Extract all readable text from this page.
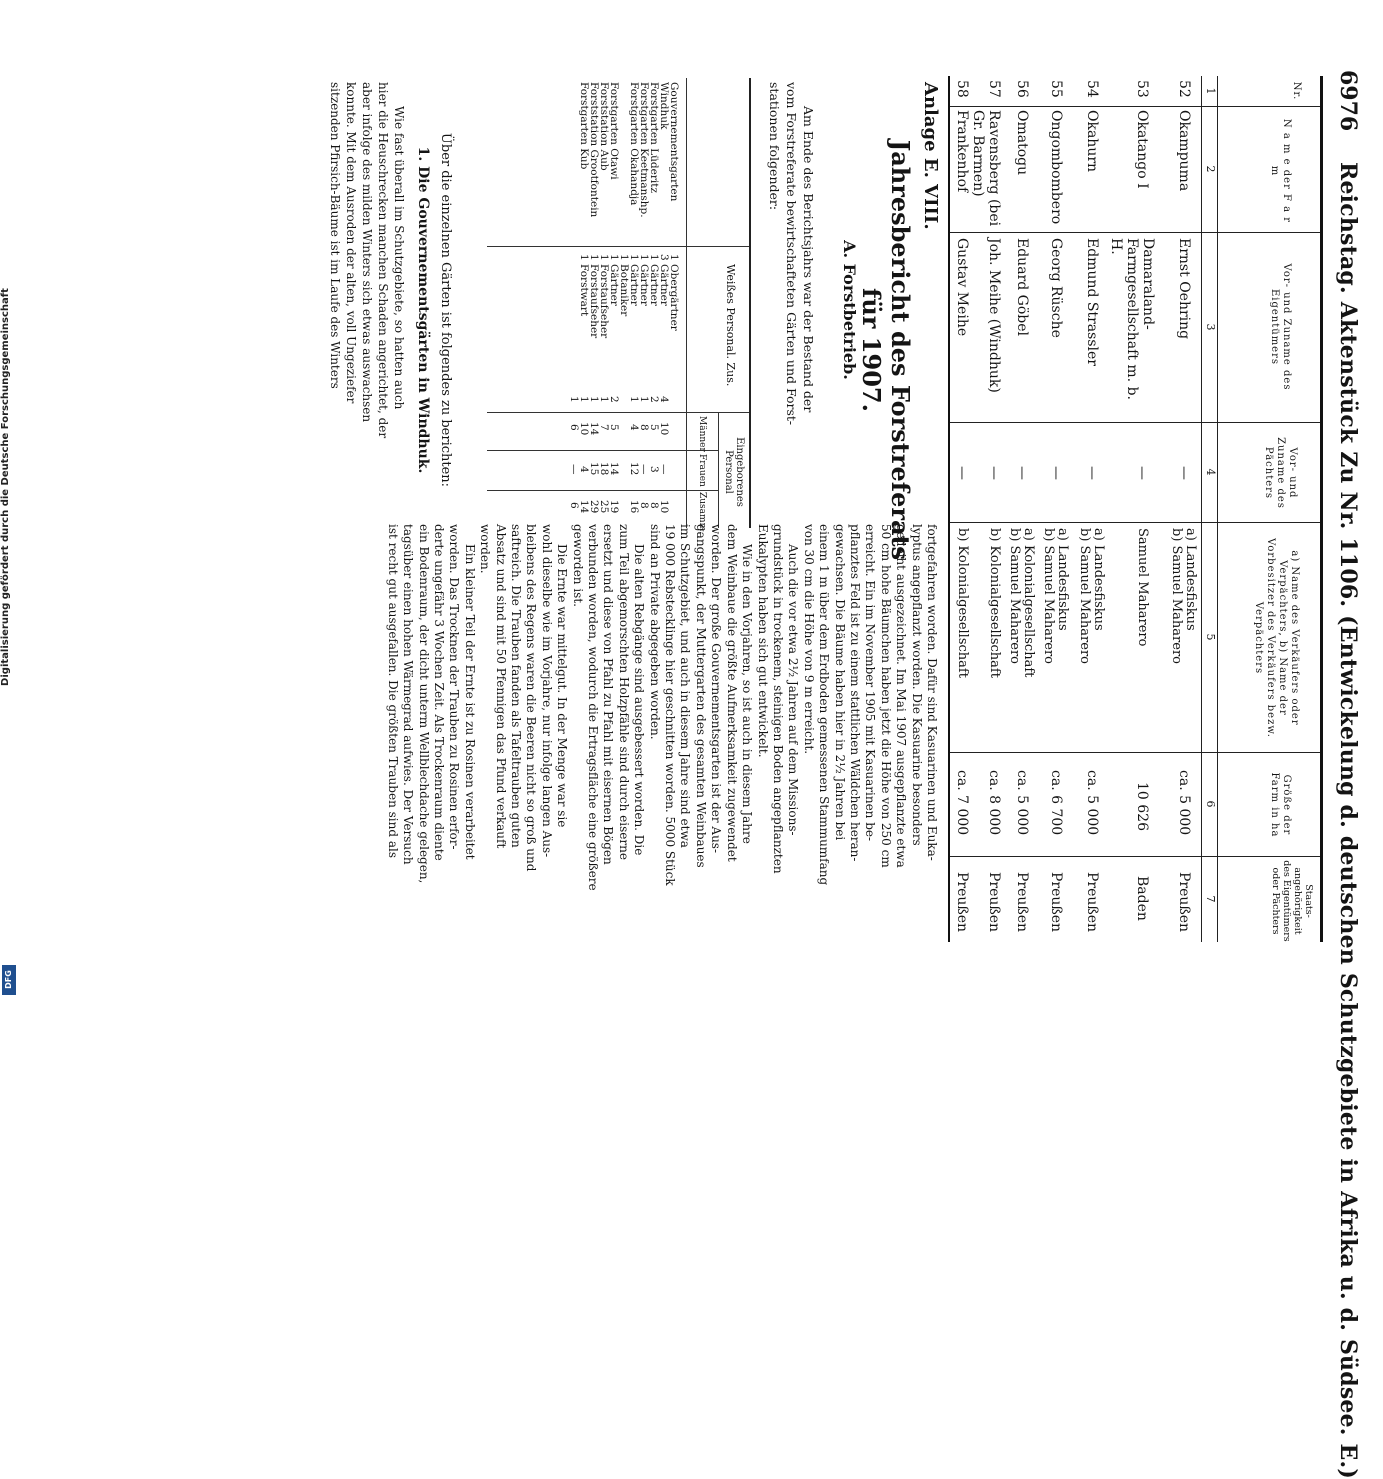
6976
Reichstag. Aktenstück Zu Nr. 1106. (Entwickelung d. deutschen Schutzgebiete in Afrika u. d. Südsee. E.)
Nr.
N a m e der F a r m
Vor- und Zuname des Eigentümers
Vor- und Zuname des Pächters
a) Name des Verkäufers oder Verpächters, b) Name der Vorbesitzer des Verkäufers bezw. Verpächters
Größe der Farm in ha
Staats-angehörigkeit des Eigentümers oder Pächters
1
2
3
4
5
6
7
52
Okampuma
Ernst Oehring
—
a) Landesfiskus
b) Samuel Maharero
ca. 5 000
Preußen
53
Okatango I
Damaraland-Farmgesellschaft m. b. H.
—
Samuel Maharero
10 626
Baden
54
Okahurn
Edmund Strassler
—
a) Landesfiskus
b) Samuel Maharero
ca. 5 000
Preußen
55
Ongombombero
Georg Rüsche
—
a) Landesfiskus
b) Samuel Maharero
ca. 6 700
Preußen
56
Omatogu
Eduard Göbel
—
a) Kolonialgesellschaft
b) Samuel Maharero
ca. 5 000
Preußen
57
Ravensberg (bei Gr. Barmen)
Joh. Meihe (Windhuk)
—
b) Kolonialgesellschaft
ca. 8 000
Preußen
58
Frankenhof
Gustav Meihe
—
b) Kolonialgesellschaft
ca. 7 000
Preußen
Anlage E. VIII.
Jahresbericht des Forstreferats für 1907.
A. Forstbetrieb.
Am Ende des Berichtsjahrs war der Bestand der
vom Forstreferate bewirtschafteten Gärten und Forst-
stationen folgender:
Weißes Personal. Zus.
Eingeborenes Personal
Männer
Frauen
Zusamm.
Gouvernementsgarten
1 Obergärtner
Windhuk
3 Gärtner
4
10
—
10
Forstgarten Lüderitz
1 Gärtner
2
5
3
8
Forstgarten Keetmanshp.
1 Gärtner
1
8
—
8
Forstgarten Okahandja
1 Gärtner
1
4
12
16
1 Botaniker
Forstgarten Otawi
1 Gärtner
2
5
14
19
Forststation Aub
1 Forstaufseher
1
7
18
25
Forststation Grootfontein
1 Forstaufseher
1
14
15
29
Forstgarten Kub
1 Forstwart
1
10
4
14
1
6
—
6
Über die einzelnen Gärten ist folgendes zu berichten:
1. Die Gouvernementsgärten in Windhuk.
Wie fast überall im Schutzgebiete, so hatten auch
hier die Heuschrecken manchen Schaden angerichtet, der
aber infolge des milden Winters sich etwas auswachsen
konnte. Mit dem Ausroden der alten, voll Ungeziefer
sitzenden Pfirsich-Bäume ist im Laufe des Winters
fortgefahren worden. Dafür sind Kasuarinen und Euka-
lyptus angepflanzt worden. Die Kasuarine besonders
gedeiht ausgezeichnet. Im Mai 1907 ausgepflanzte etwa
50 cm hohe Bäumchen haben jetzt die Höhe von 250 cm
erreicht. Ein im November 1905 mit Kasuarinen be-
pflanztes Feld ist zu einem stattlichen Wäldchen heran-
gewachsen. Die Bäume haben hier in 2½ Jahren bei
einem 1 m über dem Erdboden gemessenen Stammumfang
von 30 cm die Höhe von 9 m erreicht.
Auch die vor etwa 2½ Jahren auf dem Missions-
grundstück in trockenem, steinigen Boden angepflanzten
Eukalypten haben sich gut entwickelt.
Wie in den Vorjahren, so ist auch in diesem Jahre
dem Weinbaue die größte Aufmerksamkeit zugewendet
worden. Der große Gouvernementsgarten ist der Aus-
gangspunkt, der Muttergarten des gesamten Weinbaues
im Schutzgebiet, und auch in diesem Jahre sind etwa
19 000 Rebstecklinge hier geschnitten worden. 5000 Stück
sind an Private abgegeben worden.
Die alten Rebgänge sind ausgebessert worden. Die
zum Teil abgemorschten Holzpfähle sind durch eiserne
ersetzt und diese von Pfahl zu Pfahl mit eisernen Bögen
verbunden worden, wodurch die Ertragsfläche eine größere
geworden ist.
Die Ernte war mittelgut. In der Menge war sie
wohl dieselbe wie im Vorjahre, nur infolge langen Aus-
bleibens des Regens waren die Beeren nicht so groß und
saftreich. Die Trauben fanden als Tafeltrauben guten
Absatz und sind mit 50 Pfennigen das Pfund verkauft
worden.
Ein kleiner Teil der Ernte ist zu Rosinen verarbeitet
worden. Das Trocknen der Trauben zu Rosinen erfor-
derte ungefähr 3 Wochen Zeit. Als Trockenraum diente
ein Bodenraum, der dicht unterm Wellblechdache gelegen,
tagsüber einen hohen Wärmegrad aufwies. Der Versuch
ist recht gut ausgefallen. Die größten Trauben sind als
DFG
Digitalisierung gefördert durch die Deutsche Forschungsgemeinschaft
